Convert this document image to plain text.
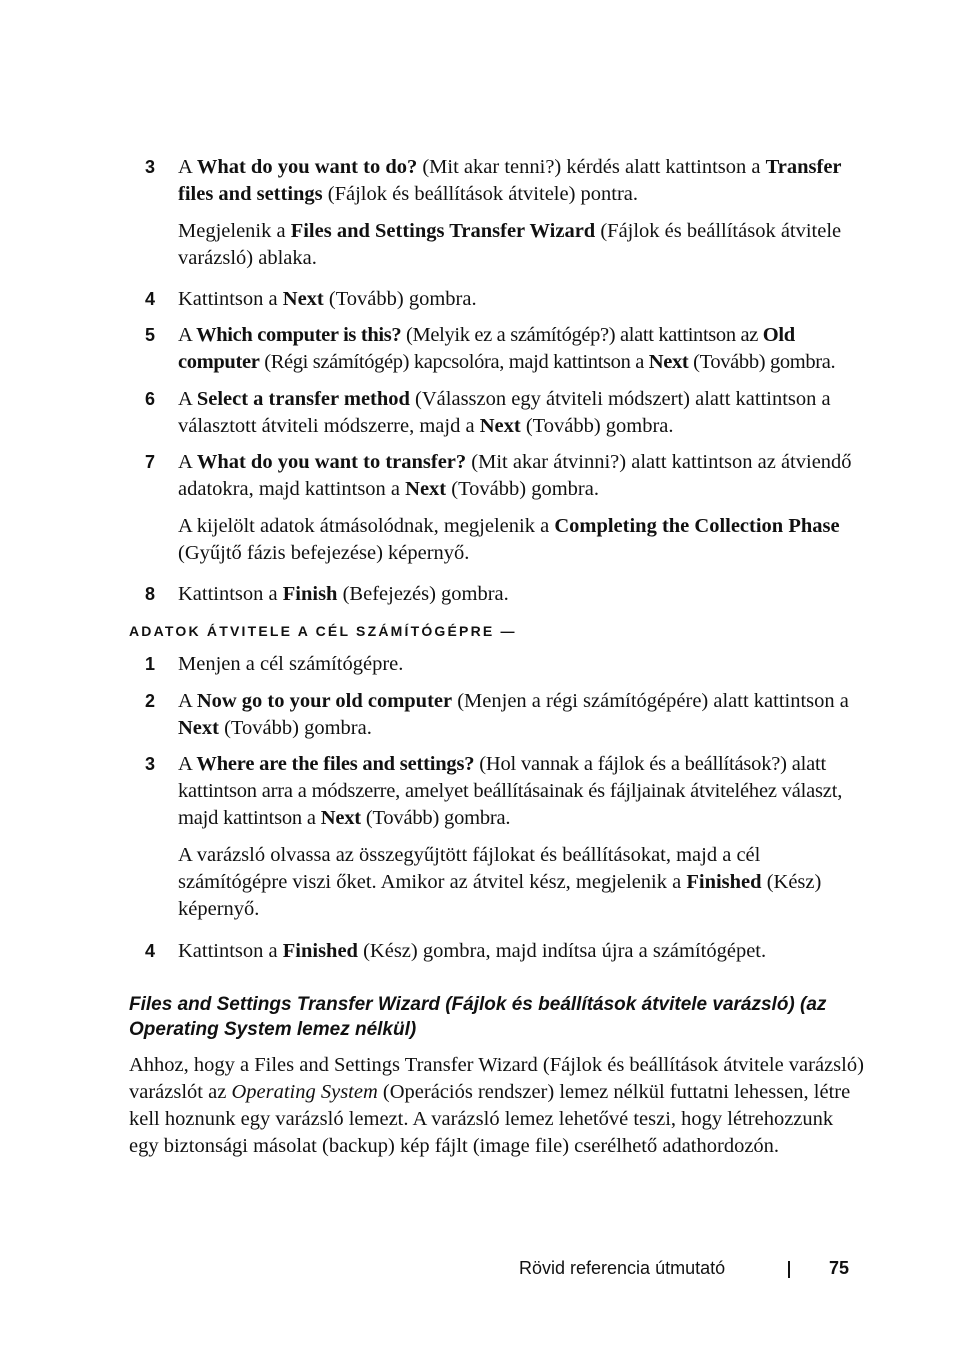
3 A What do you want to do? (Mit akar tenni?) kérdés alatt kattintson a Transfer files and settings (Fájlok és beállítások átvitele) pontra.

Megjelenik a Files and Settings Transfer Wizard (Fájlok és beállítások átvitele varázsló) ablaka.

4 Kattintson a Next (Tovább) gombra.

5 A Which computer is this? (Melyik ez a számítógép?) alatt kattintson az Old computer (Régi számítógép) kapcsolóra, majd kattintson a Next (Tovább) gombra.

6 A Select a transfer method (Válasszon egy átviteli módszert) alatt kattintson a választott átviteli módszerre, majd a Next (Tovább) gombra.

7 A What do you want to transfer? (Mit akar átvinni?) alatt kattintson az átviendő adatokra, majd kattintson a Next (Tovább) gombra.

A kijelölt adatok átmásolódnak, megjelenik a Completing the Collection Phase (Gyűjtő fázis befejezése) képernyő.

8 Kattintson a Finish (Befejezés) gombra.

ADATOK ÁTVITELE A CÉL SZÁMÍTÓGÉPRE —
1 Menjen a cél számítógépre.

2 A Now go to your old computer (Menjen a régi számítógépére) alatt kattintson a Next (Tovább) gombra.

3 A Where are the files and settings? (Hol vannak a fájlok és a beállítások?) alatt kattintson arra a módszerre, amelyet beállításainak és fájljainak átviteléhez választ, majd kattintson a Next (Tovább) gombra.

A varázsló olvassa az összegyűjtött fájlokat és beállításokat, majd a cél számítógépre viszi őket. Amikor az átvitel kész, megjelenik a Finished (Kész) képernyő.

4 Kattintson a Finished (Kész) gombra, majd indítsa újra a számítógépet.

Files and Settings Transfer Wizard (Fájlok és beállítások átvitele varázsló) (az Operating System lemez nélkül)

Ahhoz, hogy a Files and Settings Transfer Wizard (Fájlok és beállítások átvitele varázsló) varázslót az Operating System (Operációs rendszer) lemez nélkül futtatni lehessen, létre kell hoznunk egy varázsló lemezt. A varázsló lemez lehetővé teszi, hogy létrehozzunk egy biztonsági másolat (backup) kép fájlt (image file) cserélhető adathordozón.

Rövid referencia útmutató	75
